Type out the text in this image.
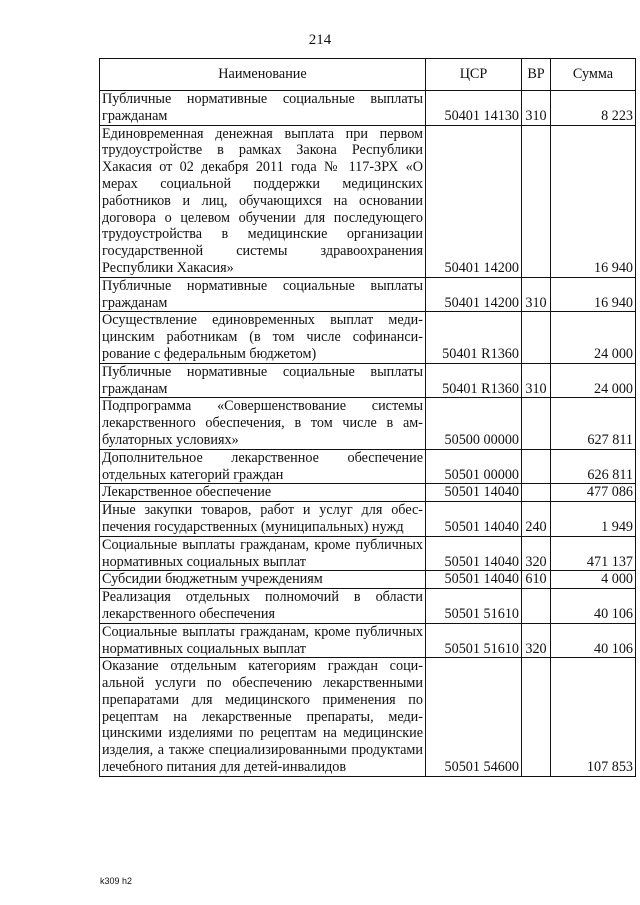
214
Наименование	ЦСР	ВР	Сумма
Публичные нормативные социальные выплаты гражданам	50401 14130	310	8 223
Единовременная денежная выплата при первом трудоустройстве в рамках Закона Республики Хакасия от 02 декабря 2011 года № 117-ЗРХ «О мерах социальной поддержки медицинских работников и лиц, обучающихся на основании договора о целевом обучении для последующего трудоустройства в медицинские организации государственной системы здравоохранения Республики Хакасия»	50401 14200		16 940
Публичные нормативные социальные выплаты гражданам	50401 14200	310	16 940
Осуществление единовременных выплат медицинским работникам (в том числе софинансирование с федеральным бюджетом)	50401 R1360		24 000
Публичные нормативные социальные выплаты гражданам	50401 R1360	310	24 000
Подпрограмма «Совершенствование системы лекарственного обеспечения, в том числе в амбулаторных условиях»	50500 00000		627 811
Дополнительное лекарственное обеспечение отдельных категорий граждан	50501 00000		626 811
Лекарственное обеспечение	50501 14040		477 086
Иные закупки товаров, работ и услуг для обеспечения государственных (муниципальных) нужд	50501 14040	240	1 949
Социальные выплаты гражданам, кроме публичных нормативных социальных выплат	50501 14040	320	471 137
Субсидии бюджетным учреждениям	50501 14040	610	4 000
Реализация отдельных полномочий в области лекарственного обеспечения	50501 51610		40 106
Социальные выплаты гражданам, кроме публичных нормативных социальных выплат	50501 51610	320	40 106
Оказание отдельным категориям граждан социальной услуги по обеспечению лекарственными препаратами для медицинского применения по рецептам на лекарственные препараты, медицинскими изделиями по рецептам на медицинские изделия, а также специализированными продуктами лечебного питания для детей-инвалидов	50501 54600		107 853
k309 h2
